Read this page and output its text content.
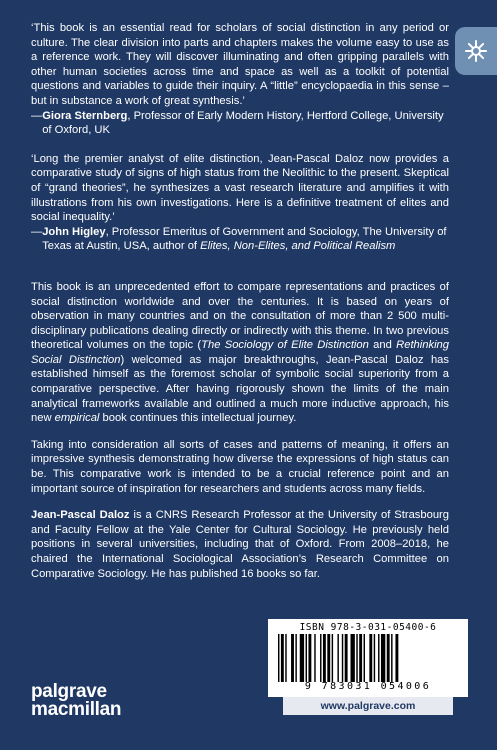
‘This book is an essential read for scholars of social distinction in any period or culture. The clear division into parts and chapters makes the volume easy to use as a reference work. They will discover illuminating and often gripping parallels with other human societies across time and space as well as a toolkit of potential questions and variables to guide their inquiry. A “little” encyclopaedia in this sense – but in substance a work of great synthesis.’

— Giora Sternberg, Professor of Early Modern History, Hertford College, University of Oxford, UK

‘Long the premier analyst of elite distinction, Jean-Pascal Daloz now provides a comparative study of signs of high status from the Neolithic to the present. Skeptical of “grand theories”, he synthesizes a vast research literature and amplifies it with illustrations from his own investigations. Here is a definitive treatment of elites and social inequality.’

— John Higley, Professor Emeritus of Government and Sociology, The University of Texas at Austin, USA, author of Elites, Non-Elites, and Political Realism

This book is an unprecedented effort to compare representations and practices of social distinction worldwide and over the centuries. It is based on years of observation in many countries and on the consultation of more than 2 500 multi-disciplinary publications dealing directly or indirectly with this theme. In two previous theoretical volumes on the topic (The Sociology of Elite Distinction and Rethinking Social Distinction) welcomed as major breakthroughs, Jean-Pascal Daloz has established himself as the foremost scholar of symbolic social superiority from a comparative perspective. After having rigorously shown the limits of the main analytical frameworks available and outlined a much more inductive approach, his new empirical book continues this intellectual journey.

Taking into consideration all sorts of cases and patterns of meaning, it offers an impressive synthesis demonstrating how diverse the expressions of high status can be. This comparative work is intended to be a crucial reference point and an important source of inspiration for researchers and students across many fields.

Jean-Pascal Daloz is a CNRS Research Professor at the University of Strasbourg and Faculty Fellow at the Yale Center for Cultural Sociology. He previously held positions in several universities, including that of Oxford. From 2008–2018, he chaired the International Sociological Association’s Research Committee on Comparative Sociology. He has published 16 books so far.

ISBN 978-3-031-05400-6
9 783031 054006
palgrave
macmillan	www.palgrave.com
